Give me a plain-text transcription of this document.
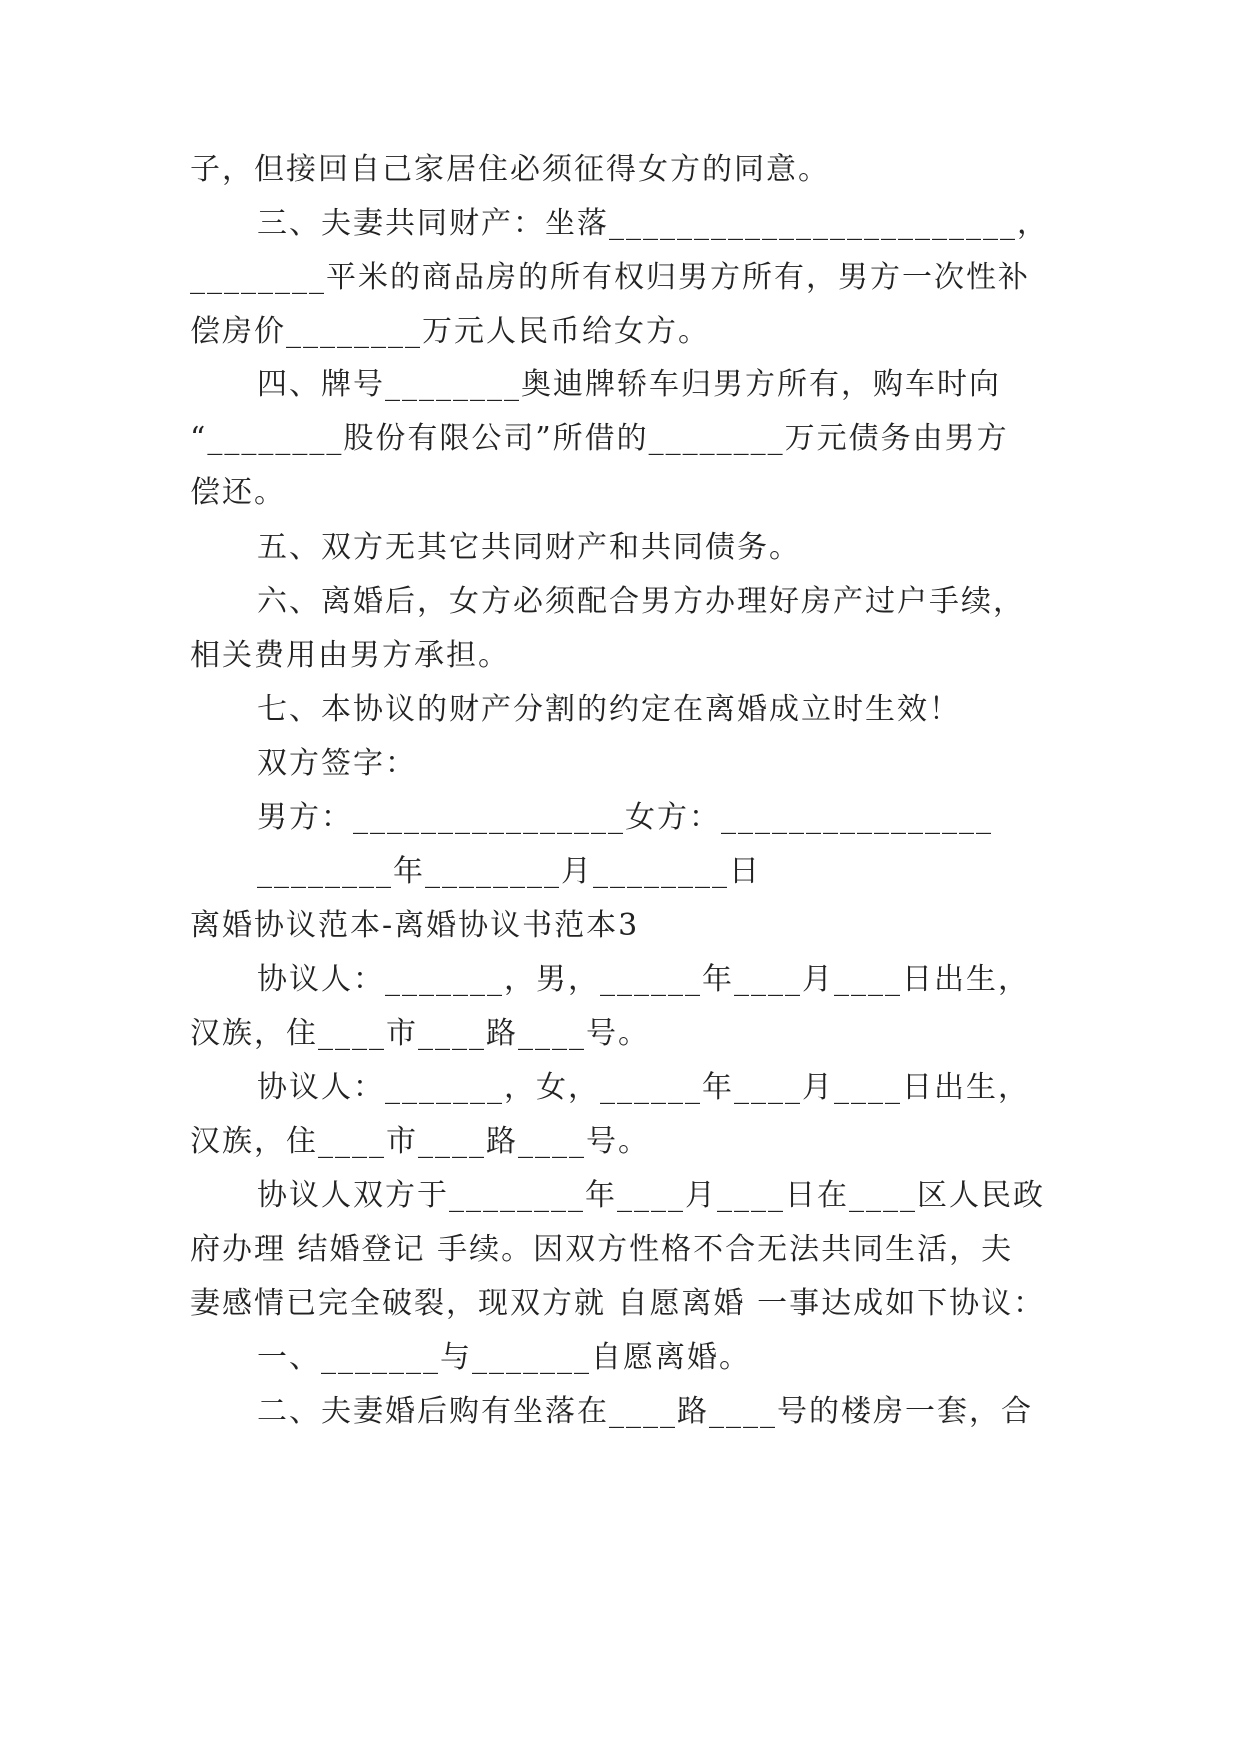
子，但接回自己家居住必须征得女方的同意。
三、夫妻共同财产：坐落________________________，
________平米的商品房的所有权归男方所有，男方一次性补
偿房价________万元人民币给女方。
四、牌号________奥迪牌轿车归男方所有，购车时向
“________股份有限公司”所借的________万元债务由男方
偿还。
五、双方无其它共同财产和共同债务。
六、离婚后，女方必须配合男方办理好房产过户手续，
相关费用由男方承担。
七、本协议的财产分割的约定在离婚成立时生效！
双方签字：
男方：________________女方：________________
________年________月________日
离婚协议范本-离婚协议书范本3
协议人：_______，男，______年____月____日出生，
汉族，住____市____路____号。
协议人：_______，女，______年____月____日出生，
汉族，住____市____路____号。
协议人双方于________年____月____日在____区人民政
府办理 结婚登记 手续。因双方性格不合无法共同生活，夫
妻感情已完全破裂，现双方就 自愿离婚 一事达成如下协议：
一、_______与_______自愿离婚。
二、夫妻婚后购有坐落在____路____号的楼房一套，合
